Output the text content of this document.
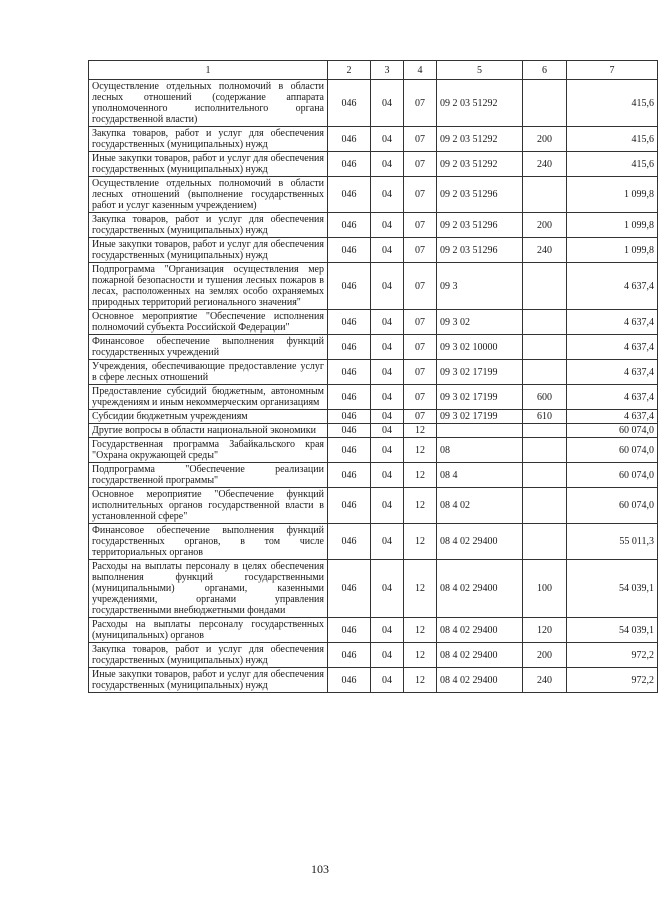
1	2	3	4	5	6	7
Осуществление отдельных полномочий в области лесных отношений (содержание аппарата уполномоченного исполнительного органа государственной власти)	046	04	07	09 2 03 51292		415,6
Закупка товаров, работ и услуг для обеспечения государственных (муниципальных) нужд	046	04	07	09 2 03 51292	200	415,6
Иные закупки товаров, работ и услуг для обеспечения государственных (муниципальных) нужд	046	04	07	09 2 03 51292	240	415,6
Осуществление отдельных полномочий в области лесных отношений (выполнение государственных работ и услуг казенным учреждением)	046	04	07	09 2 03 51296		1 099,8
Закупка товаров, работ и услуг для обеспечения государственных (муниципальных) нужд	046	04	07	09 2 03 51296	200	1 099,8
Иные закупки товаров, работ и услуг для обеспечения государственных (муниципальных) нужд	046	04	07	09 2 03 51296	240	1 099,8
Подпрограмма "Организация осуществления мер пожарной безопасности и тушения лесных пожаров в лесах, расположенных на землях особо охраняемых природных территорий регионального значения"	046	04	07	09 3		4 637,4
Основное мероприятие "Обеспечение исполнения полномочий субъекта Российской Федерации"	046	04	07	09 3 02		4 637,4
Финансовое обеспечение выполнения функций государственных учреждений	046	04	07	09 3 02 10000		4 637,4
Учреждения, обеспечивающие предоставление услуг в сфере лесных отношений	046	04	07	09 3 02 17199		4 637,4
Предоставление субсидий бюджетным, автономным учреждениям и иным некоммерческим организациям	046	04	07	09 3 02 17199	600	4 637,4
Субсидии бюджетным учреждениям	046	04	07	09 3 02 17199	610	4 637,4
Другие вопросы в области национальной экономики	046	04	12			60 074,0
Государственная программа Забайкальского края "Охрана окружающей среды"	046	04	12	08		60 074,0
Подпрограмма "Обеспечение реализации государственной программы"	046	04	12	08 4		60 074,0
Основное мероприятие "Обеспечение функций исполнительных органов государственной власти в установленной сфере"	046	04	12	08 4 02		60 074,0
Финансовое обеспечение выполнения функций государственных органов, в том числе территориальных органов	046	04	12	08 4 02 29400		55 011,3
Расходы на выплаты персоналу в целях обеспечения выполнения функций государственными (муниципальными) органами, казенными учреждениями, органами управления государственными внебюджетными фондами	046	04	12	08 4 02 29400	100	54 039,1
Расходы на выплаты персоналу государственных (муниципальных) органов	046	04	12	08 4 02 29400	120	54 039,1
Закупка товаров, работ и услуг для обеспечения государственных (муниципальных) нужд	046	04	12	08 4 02 29400	200	972,2
Иные закупки товаров, работ и услуг для обеспечения государственных (муниципальных) нужд	046	04	12	08 4 02 29400	240	972,2
103
